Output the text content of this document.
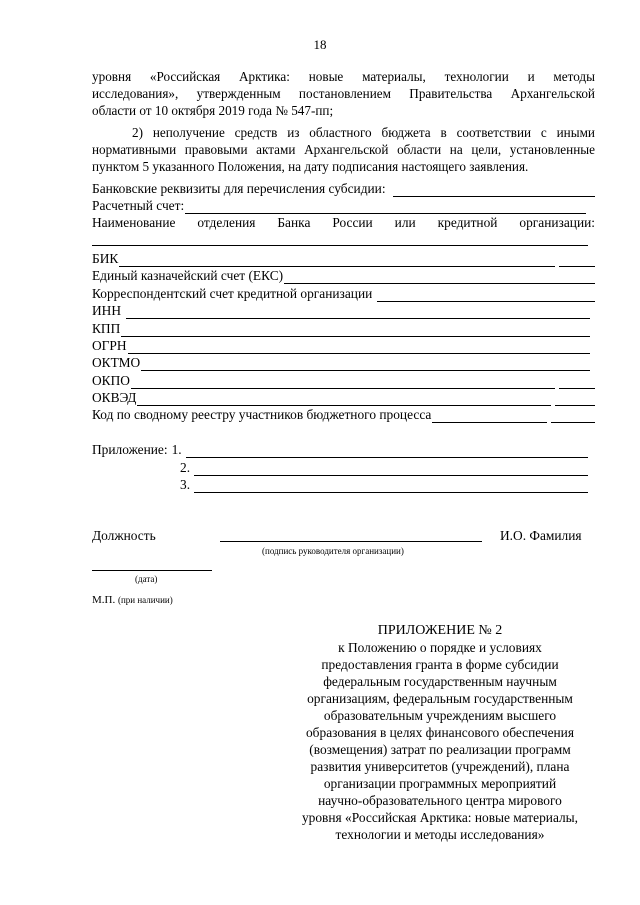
18
уровня «Российская Арктика: новые материалы, технологии и методы
исследования», утвержденным постановлением Правительства Архангельской
области от 10 октября 2019 года № 547-пп;
2) неполучение средств из областного бюджета в соответствии с иными
нормативными правовыми актами Архангельской области на цели, установленные
пунктом 5 указанного Положения, на дату подписания настоящего заявления.
Банковские реквизиты для перечисления субсидии:
Расчетный счет:
Наименование отделения Банка России или кредитной организации:
БИК
Единый казначейский счет (ЕКС)
Корреспондентский счет кредитной организации
ИНН
КПП
ОГРН
ОКТМО
ОКПО
ОКВЭД
Код по сводному реестру участников бюджетного процесса
Приложение: 1.
2.
3.
Должность	И.О. Фамилия
(подпись руководителя организации)
(дата)
М.П. (при наличии)
ПРИЛОЖЕНИЕ № 2
к Положению о порядке и условиях
предоставления гранта в форме субсидии
федеральным государственным научным
организациям, федеральным государственным
образовательным учреждениям высшего
образования в целях финансового обеспечения
(возмещения) затрат по реализации программ
развития университетов (учреждений), плана
организации программных мероприятий
научно-образовательного центра мирового
уровня «Российская Арктика: новые материалы,
технологии и методы исследования»
